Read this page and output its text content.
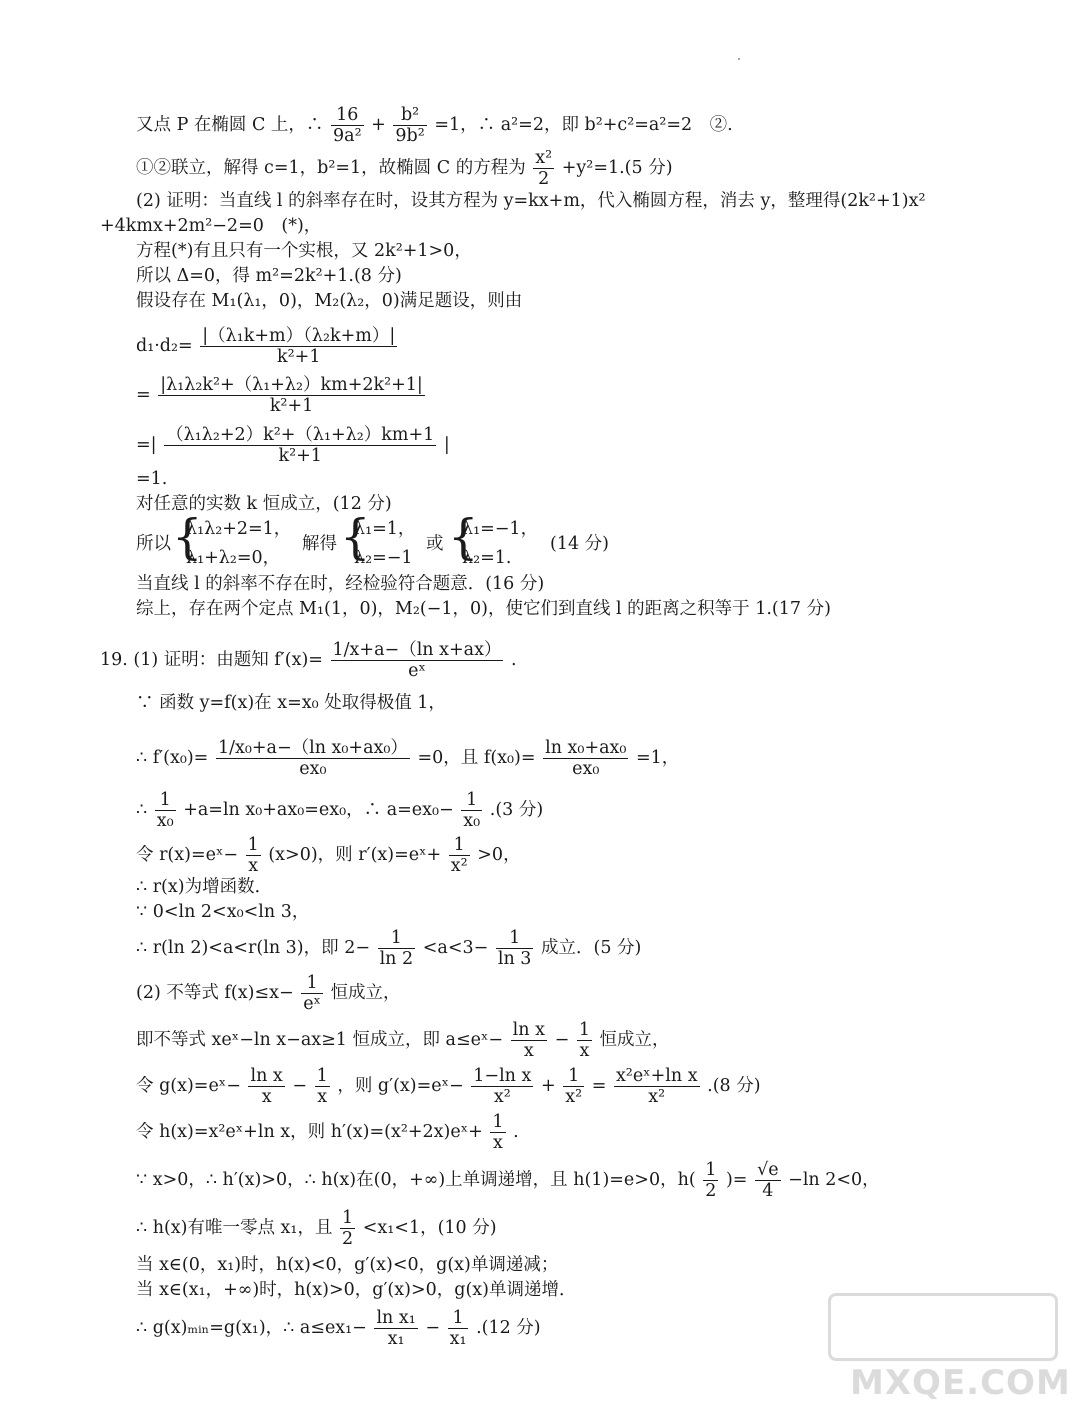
又点 P 在椭圆 C 上，∴ $\frac{16}{\text{9a²}} + \frac{\text{b²}}{\text{9b²}} =1$，∴ a²=2，即 b²+c²=a²=2　②.
①②联立，解得 c=1，b²=1，故椭圆 C 的方程为 $\frac{\text{x²}}{2} +y^2=1.(5$ 分)
(2) 证明：当直线 l 的斜率存在时，设其方程为 y=kx+m，代入椭圆方程，消去 y，整理得(2k²+1)x²
+4kmx+2m²−2=0　(*)，
方程(*)有且只有一个实根，又 2k²+1>0，
所以 Δ=0，得 m²=2k²+1.(8 分)
假设存在 M₁(λ₁，0)，M₂(λ₂，0)满足题设，则由
$d_1\cdot d_2= \frac{\text{|（λ₁k+m）（λ₂k+m）|}}{\text{k²+1}}$
= $\frac{\text{|λ₁λ₂k²+（λ₁+λ₂）km+2k²+1|}}{\text{k²+1}}$
=| $\frac{\text{（λ₁λ₂+2）k²+（λ₁+λ₂）km+1}}{\text{k²+1}}$ |
=1.
对任意的实数 k 恒成立，(12 分)
所以 {
λ₁λ₂+2=1，
λ₁+λ₂=0，
解得 {
λ₁=1，
λ₂=−1
或 {
λ₁=−1，
λ₂=1.
(14 分)
当直线 l 的斜率不存在时，经检验符合题意．(16 分)
综上，存在两个定点 M₁(1，0)，M₂(−1，0)，使它们到直线 l 的距离之积等于 1.(17 分)
19. (1) 证明：由题知 $f'(x)= \frac{\text{1/x+a−（ln x+ax）}}{\text{eˣ}}$ .
∵ 函数 y=f(x)在 x=x₀ 处取得极值 1，
∴ $f'(x_0)= \frac{\text{1/x₀+a−（ln x₀+ax₀）}}{\text{ex₀}} =0$，且 $f(x_0)= \frac{\text{ln x₀+ax₀}}{\text{ex₀}} =1$，
∴ $\frac{1}{\text{x₀}} +a=\ln$ x₀+ax₀=ex₀，∴ $a=ex_0- \frac{1}{\text{x₀}} .(3$ 分)
令 r(x)=eˣ− $\frac{1}{x} (x>0)$，则 r′(x)=eˣ+ $\frac{1}{\text{x²}} >0$，
∴ r(x)为增函数．
∵ 0<ln 2<x₀<ln 3，
∴ r(ln 2)<a<r(ln 3)，即 $2- \frac{1}{\ln 2} <a<3- \frac{1}{\ln 3}$ 成立．(5 分)
(2) 不等式 $f(x)\le x- \frac{1}{\text{eˣ}}$ 恒成立，
即不等式 xeˣ−ln x−ax≥1 恒成立，即 a≤eˣ− $\frac{\text{ln x}}{x} - \frac{1}{x}$ 恒成立，
令 g(x)=eˣ− $\frac{\text{ln x}}{x} - \frac{1}{x}$ ，则 g′(x)=eˣ− $\frac{\text{1−ln x}}{\text{x²}} + \frac{1}{\text{x²}} = \frac{\text{x²eˣ+ln x}}{\text{x²}} .(8$ 分)
令 h(x)=x²eˣ+ln x，则 h′(x)=(x²+2x)eˣ+ $\frac{1}{x}$ .
∵ x>0，∴ h′(x)>0，∴ h(x)在(0，+∞)上单调递增，且 h(1)=e>0，$h( \frac{1}{2}$ )= $\frac{√e}{4} -\ln$ 2<0，
∴ h(x)有唯一零点 x₁，且 $\frac{1}{2} <x_1<1$，(10 分)
当 x∈(0，x₁)时，h(x)<0，g′(x)<0，g(x)单调递减；
当 x∈(x₁，+∞)时，h(x)>0，g′(x)>0，g(x)单调递增．
∴ g(x)ₘᵢₙ=g(x₁)，∴ $a\le ex_1- \frac{\text{ln x₁}}{\text{x₁}} - \frac{1}{\text{x₁}} .(12$ 分)
MXQE.COM
